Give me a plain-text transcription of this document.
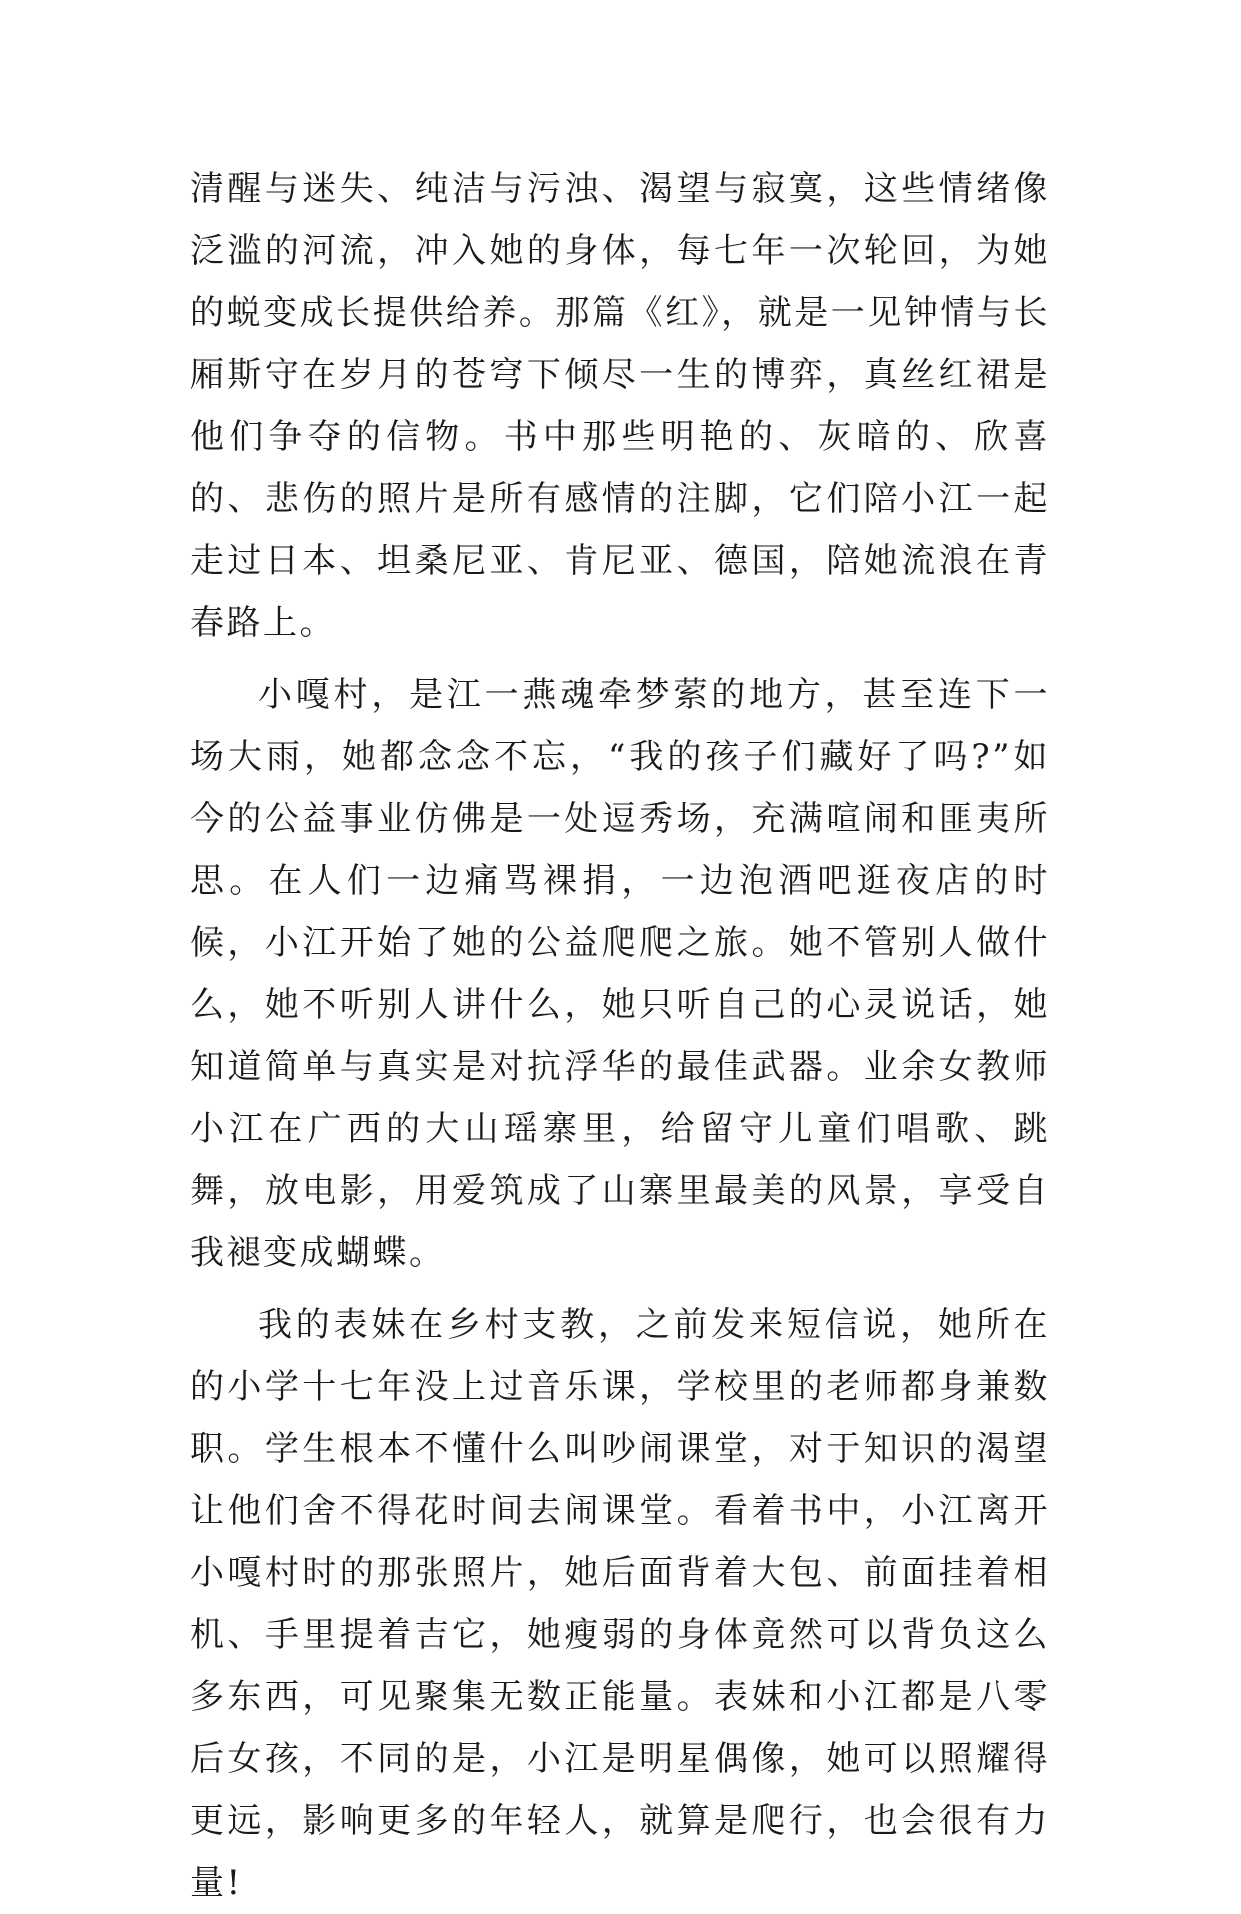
清醒与迷失、纯洁与污浊、渴望与寂寞，这些情绪像泛滥的河流，冲入她的身体，每七年一次轮回，为她的蜕变成长提供给养。那篇《红》，就是一见钟情与长厢斯守在岁月的苍穹下倾尽一生的博弈，真丝红裙是他们争夺的信物。书中那些明艳的、灰暗的、欣喜的、悲伤的照片是所有感情的注脚，它们陪小江一起走过日本、坦桑尼亚、肯尼亚、德国，陪她流浪在青春路上。

小嘎村，是江一燕魂牵梦萦的地方，甚至连下一场大雨，她都念念不忘，“我的孩子们藏好了吗?”如今的公益事业仿佛是一处逗秀场，充满喧闹和匪夷所思。在人们一边痛骂裸捐，一边泡酒吧逛夜店的时候，小江开始了她的公益爬爬之旅。她不管别人做什么，她不听别人讲什么，她只听自己的心灵说话，她知道简单与真实是对抗浮华的最佳武器。业余女教师小江在广西的大山瑶寨里，给留守儿童们唱歌、跳舞，放电影，用爱筑成了山寨里最美的风景，享受自我褪变成蝴蝶。

我的表妹在乡村支教，之前发来短信说，她所在的小学十七年没上过音乐课，学校里的老师都身兼数职。学生根本不懂什么叫吵闹课堂，对于知识的渴望让他们舍不得花时间去闹课堂。看着书中，小江离开小嘎村时的那张照片，她后面背着大包、前面挂着相机、手里提着吉它，她瘦弱的身体竟然可以背负这么多东西，可见聚集无数正能量。表妹和小江都是八零后女孩，不同的是，小江是明星偶像，她可以照耀得更远，影响更多的年轻人，就算是爬行，也会很有力量!
